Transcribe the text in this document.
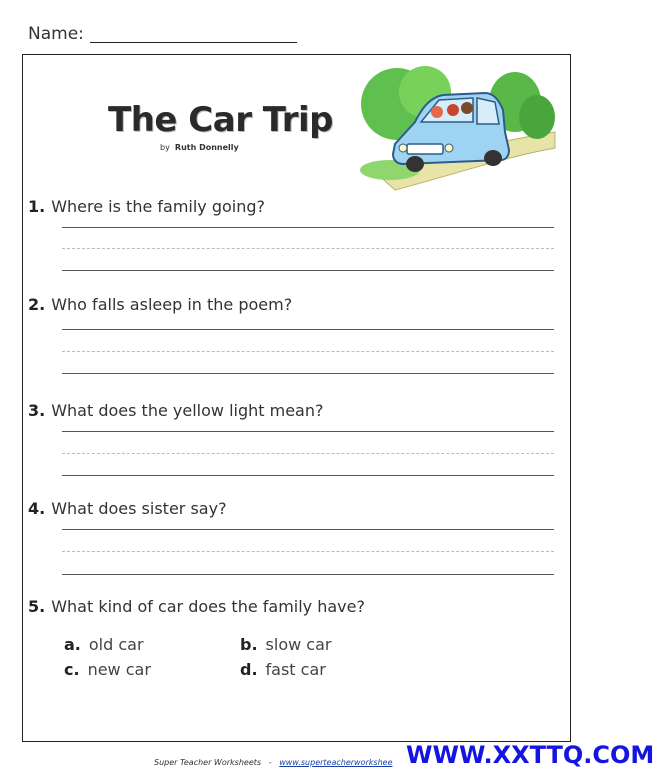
Name:
The Car Trip
by Ruth Donnelly
1. Where is the family going?
2. Who falls asleep in the poem?
3. What does the yellow light mean?
4. What does sister say?
5. What kind of car does the family have?
a. old car	b. slow car
c. new car	d. fast car
Super Teacher Worksheets - www.superteacherworkshee WWW.XXTTQ.COM
